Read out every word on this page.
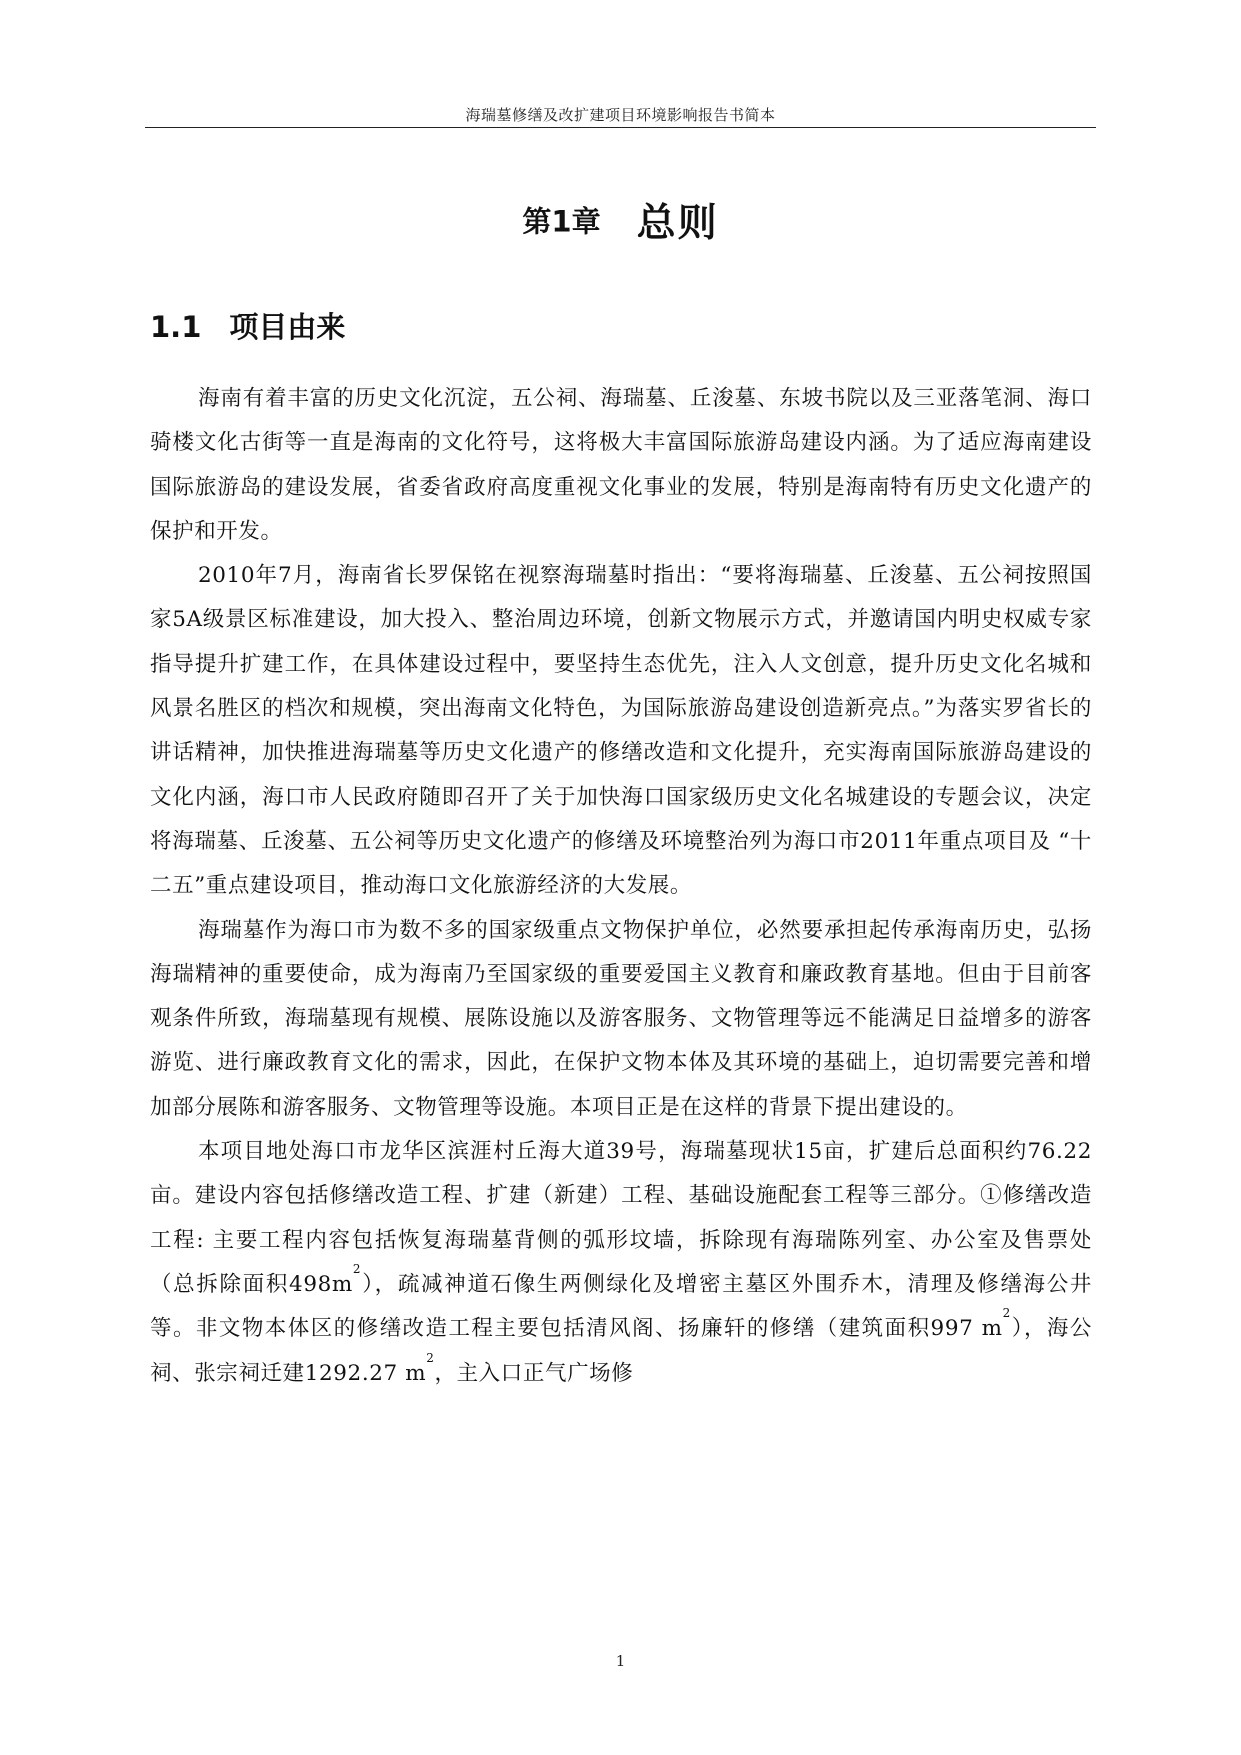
海瑞墓修缮及改扩建项目环境影响报告书简本
第1章 总则
1.1 项目由来

海南有着丰富的历史文化沉淀，五公祠、海瑞墓、丘浚墓、东坡书院以及三亚落笔洞、海口骑楼文化古街等一直是海南的文化符号，这将极大丰富国际旅游岛建设内涵。为了适应海南建设国际旅游岛的建设发展，省委省政府高度重视文化事业的发展，特别是海南特有历史文化遗产的保护和开发。

2010年7月，海南省长罗保铭在视察海瑞墓时指出：“要将海瑞墓、丘浚墓、五公祠按照国家5A级景区标准建设，加大投入、整治周边环境，创新文物展示方式，并邀请国内明史权威专家指导提升扩建工作，在具体建设过程中，要坚持生态优先，注入人文创意，提升历史文化名城和风景名胜区的档次和规模，突出海南文化特色，为国际旅游岛建设创造新亮点。”为落实罗省长的讲话精神，加快推进海瑞墓等历史文化遗产的修缮改造和文化提升，充实海南国际旅游岛建设的文化内涵，海口市人民政府随即召开了关于加快海口国家级历史文化名城建设的专题会议，决定将海瑞墓、丘浚墓、五公祠等历史文化遗产的修缮及环境整治列为海口市2011年重点项目及 “十二五”重点建设项目，推动海口文化旅游经济的大发展。

海瑞墓作为海口市为数不多的国家级重点文物保护单位，必然要承担起传承海南历史，弘扬海瑞精神的重要使命，成为海南乃至国家级的重要爱国主义教育和廉政教育基地。但由于目前客观条件所致，海瑞墓现有规模、展陈设施以及游客服务、文物管理等远不能满足日益增多的游客游览、进行廉政教育文化的需求，因此，在保护文物本体及其环境的基础上，迫切需要完善和增加部分展陈和游客服务、文物管理等设施。本项目正是在这样的背景下提出建设的。

本项目地处海口市龙华区滨涯村丘海大道39号，海瑞墓现状15亩，扩建后总面积约76.22亩。建设内容包括修缮改造工程、扩建（新建）工程、基础设施配套工程等三部分。①修缮改造工程: 主要工程内容包括恢复海瑞墓背侧的弧形坟墙，拆除现有海瑞陈列室、办公室及售票处（总拆除面积$498m^2$），疏减神道石像生两侧绿化及增密主墓区外围乔木，清理及修缮海公井等。非文物本体区的修缮改造工程主要包括清风阁、扬廉轩的修缮（建筑面积997 $m^2$），海公祠、张宗祠迁建1292.27 $m^2$，主入口正气广场修

1
